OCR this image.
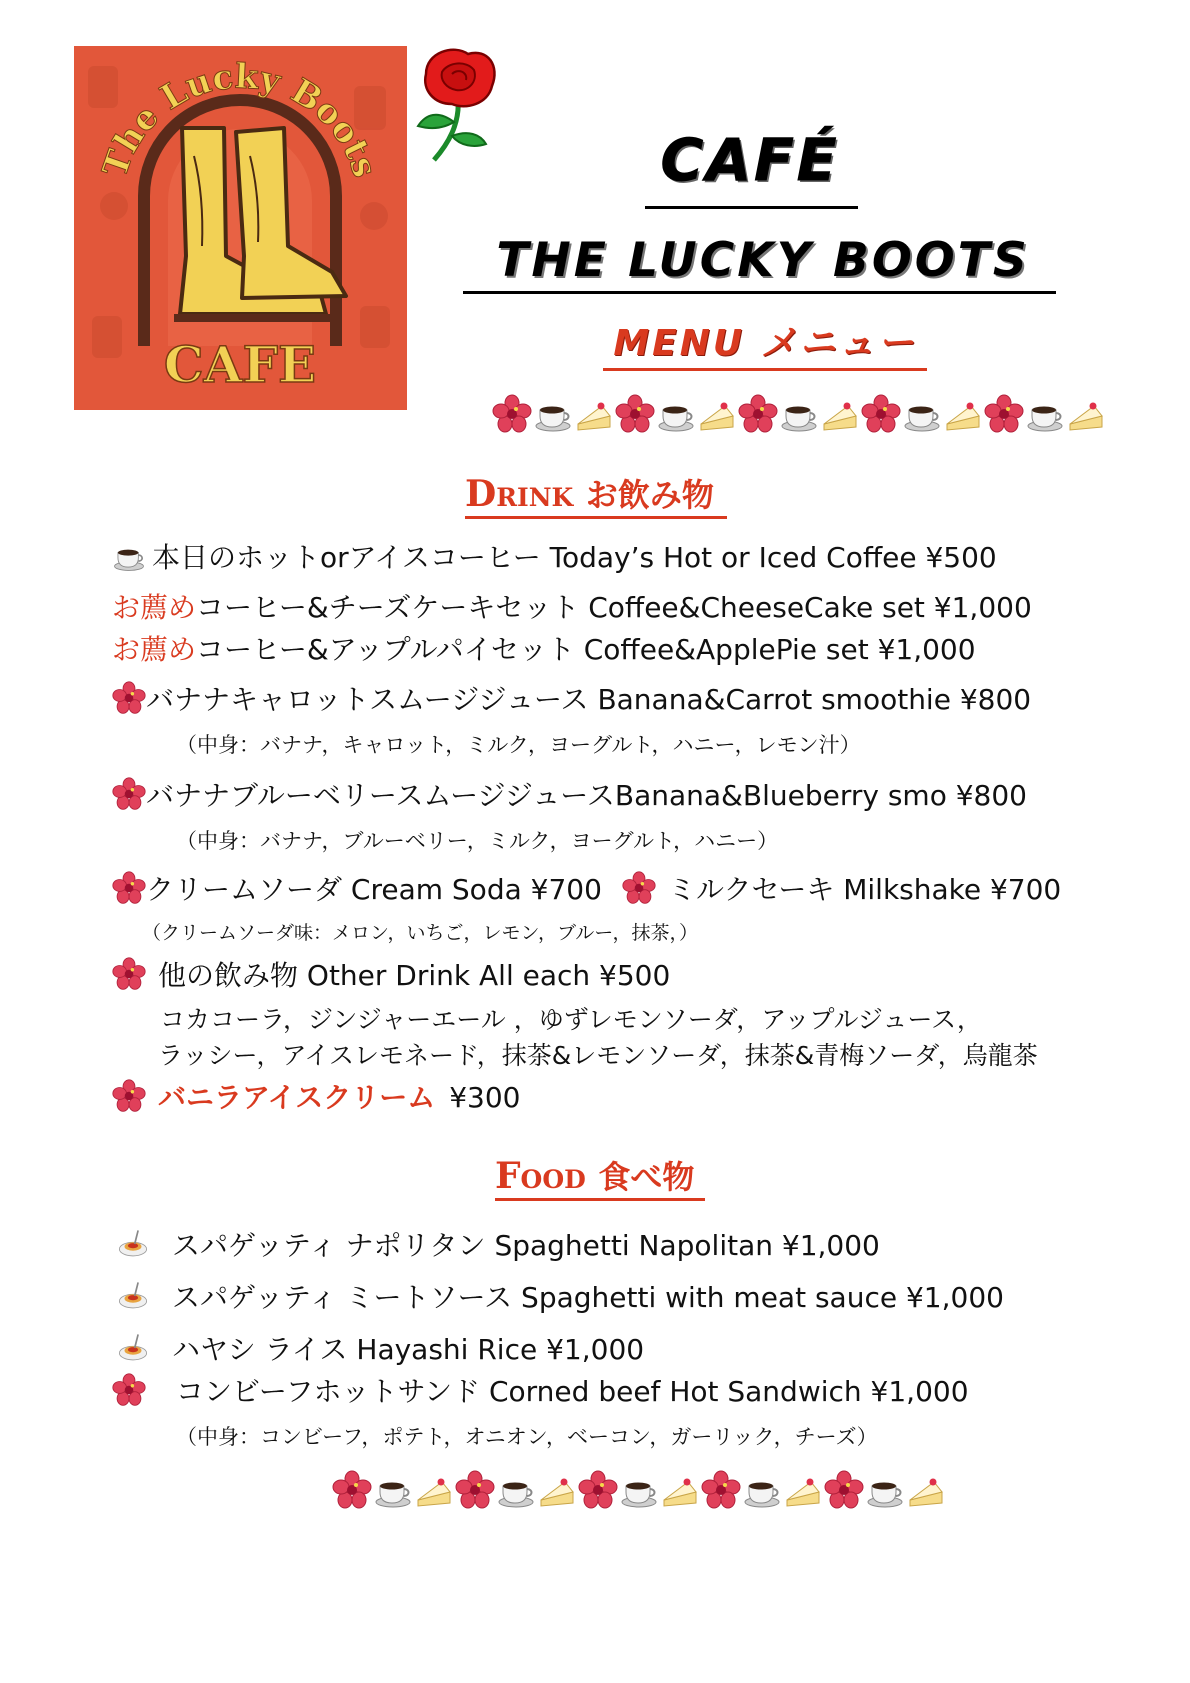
The Lucky Boots
CAFE
CAFÉ
THE LUCKY BOOTS
MENU メニュー
Drink お飲み物
本日のホットorアイスコーヒー Today’s Hot or Iced Coffee ¥500
お薦めコーヒー&チーズケーキセット Coffee&CheeseCake set ¥1,000
お薦めコーヒー&アップルパイセット Coffee&ApplePie set ¥1,000
バナナキャロットスムージジュース Banana&Carrot smoothie ¥800
（中身：バナナ，キャロット，ミルク，ヨーグルト，ハニー，レモン汁）
バナナブルーベリースムージジュースBanana&Blueberry smo ¥800
（中身：バナナ，ブルーベリー，ミルク，ヨーグルト，ハニー）
クリームソーダ Cream Soda ¥700	ミルクセーキ Milkshake ¥700
（クリームソーダ味：メロン，いちご，レモン，ブルー，抹茶，）
他の飲み物 Other Drink All each ¥500
コカコーラ，ジンジャーエール ，ゆずレモンソーダ，アップルジュース，
ラッシー，アイスレモネード，抹茶&レモンソーダ，抹茶&青梅ソーダ，烏龍茶
バニラアイスクリーム ¥300
Food 食べ物
スパゲッティ ナポリタン Spaghetti Napolitan ¥1,000
スパゲッティ ミートソース Spaghetti with meat sauce ¥1,000
ハヤシ ライス Hayashi Rice ¥1,000
コンビーフホットサンド Corned beef Hot Sandwich ¥1,000
（中身：コンビーフ，ポテト，オニオン，ベーコン，ガーリック，チーズ）
